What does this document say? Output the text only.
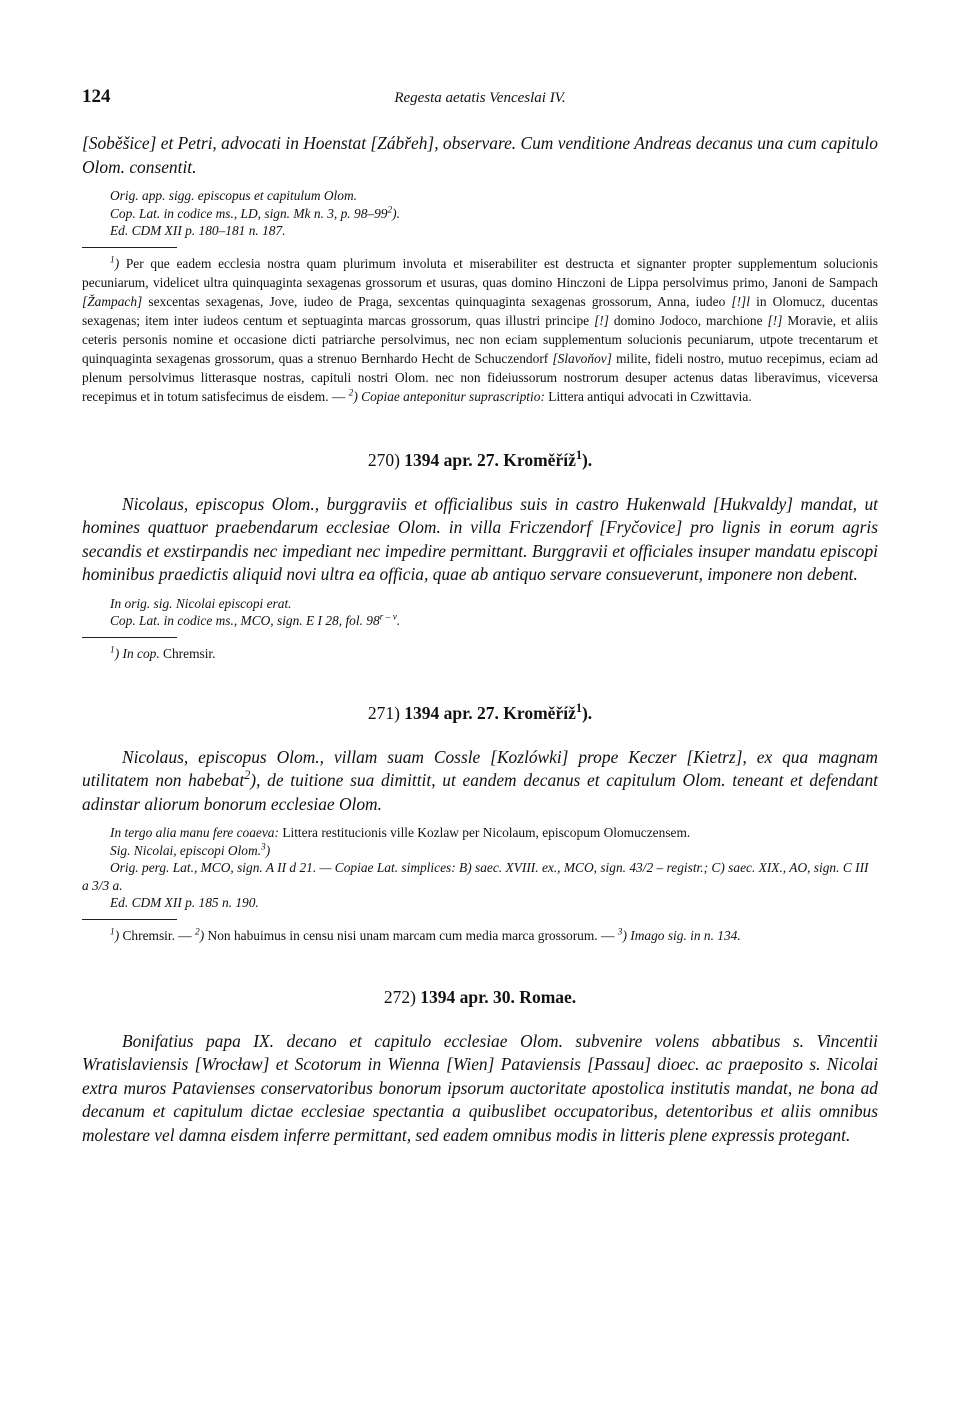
124	Regesta aetatis Venceslai IV.

[Soběšice] et Petri, advocati in Hoenstat [Zábřeh], observare. Cum venditione Andreas decanus una cum capitulo Olom. consentit.

Orig. app. sigg. episcopus et capitulum Olom.
Cop. Lat. in codice ms., LD, sign. Mk n. 3, p. $98-99^2$).
Ed. CDM XII p. 180–181 n. 187.

$^1$) Per que eadem ecclesia nostra quam plurimum involuta et miserabiliter est destructa et signanter propter supplementum solucionis pecuniarum, videlicet ultra quinquaginta sexagenas grossorum et usuras, quas domino Hinczoni de Lippa persolvimus primo, Janoni de Sampach [Žampach] sexcentas sexagenas, Jove, iudeo de Praga, sexcentas quinquaginta sexagenas grossorum, Anna, iudeo [!]l in Olomucz, ducentas sexagenas; item inter iudeos centum et septuaginta marcas grossorum, quas illustri principe [!] domino Jodoco, marchione [!] Moravie, et aliis ceteris personis nomine et occasione dicti patriarche persolvimus, nec non eciam supplementum solucionis pecuniarum, utpote trecentarum et quinquaginta sexagenas grossorum, quas a strenuo Bernhardo Hecht de Schuczendorf [Slavoňov] milite, fideli nostro, mutuo recepimus, eciam ad plenum persolvimus litterasque nostras, capituli nostri Olom. nec non fideiussorum nostrorum desuper actenus datas liberavimus, viceversa recepimus et in totum satisfecimus de eisdem. — $^2$) Copiae anteponitur suprascriptio: Littera antiqui advocati in Czwittavia.

270) 1394 apr. 27. Kroměříž$^1$).

Nicolaus, episcopus Olom., burggraviis et officialibus suis in castro Hukenwald [Hukvaldy] mandat, ut homines quattuor praebendarum ecclesiae Olom. in villa Friczendorf [Fryčovice] pro lignis in eorum agris secandis et exstirpandis nec impediant nec impedire permittant. Burggravii et officiales insuper mandatu episcopi hominibus praedictis aliquid novi ultra ea officia, quae ab antiquo servare consueverunt, imponere non debent.

In orig. sig. Nicolai episcopi erat.
Cop. Lat. in codice ms., MCO, sign. E I 28, fol. 98$^{r - v}$.

$^1$) In cop. Chremsir.

271) 1394 apr. 27. Kroměříž$^1$).

Nicolaus, episcopus Olom., villam suam Cossle [Kozlówki] prope Keczer [Kietrz], ex qua magnam utilitatem non habebat$^2$), de tuitione sua dimittit, ut eandem decanus et capitulum Olom. teneant et defendant adinstar aliorum bonorum ecclesiae Olom.

In tergo alia manu fere coaeva: Littera restitucionis ville Kozlaw per Nicolaum, episcopum Olomuczensem.
Sig. Nicolai, episcopi Olom.$^3$)
Orig. perg. Lat., MCO, sign. A II d 21. — Copiae Lat. simplices: B) saec. XVIII. ex., MCO, sign. 43/2 – registr.; C) saec. XIX., AO, sign. C III a 3/3 a.
Ed. CDM XII p. 185 n. 190.

$^1$) Chremsir. — $^2$) Non habuimus in censu nisi unam marcam cum media marca grossorum. — $^3$) Imago sig. in n. 134.

272) 1394 apr. 30. Romae.

Bonifatius papa IX. decano et capitulo ecclesiae Olom. subvenire volens abbatibus s. Vincentii Wratislaviensis [Wrocław] et Scotorum in Wienna [Wien] Pataviensis [Passau] dioec. ac praeposito s. Nicolai extra muros Patavienses conservatoribus bonorum ipsorum auctoritate apostolica institutis mandat, ne bona ad decanum et capitulum dictae ecclesiae spectantia a quibuslibet occupatoribus, detentoribus et aliis omnibus molestare vel damna eisdem inferre permittant, sed eadem omnibus modis in litteris plene expressis protegant.
